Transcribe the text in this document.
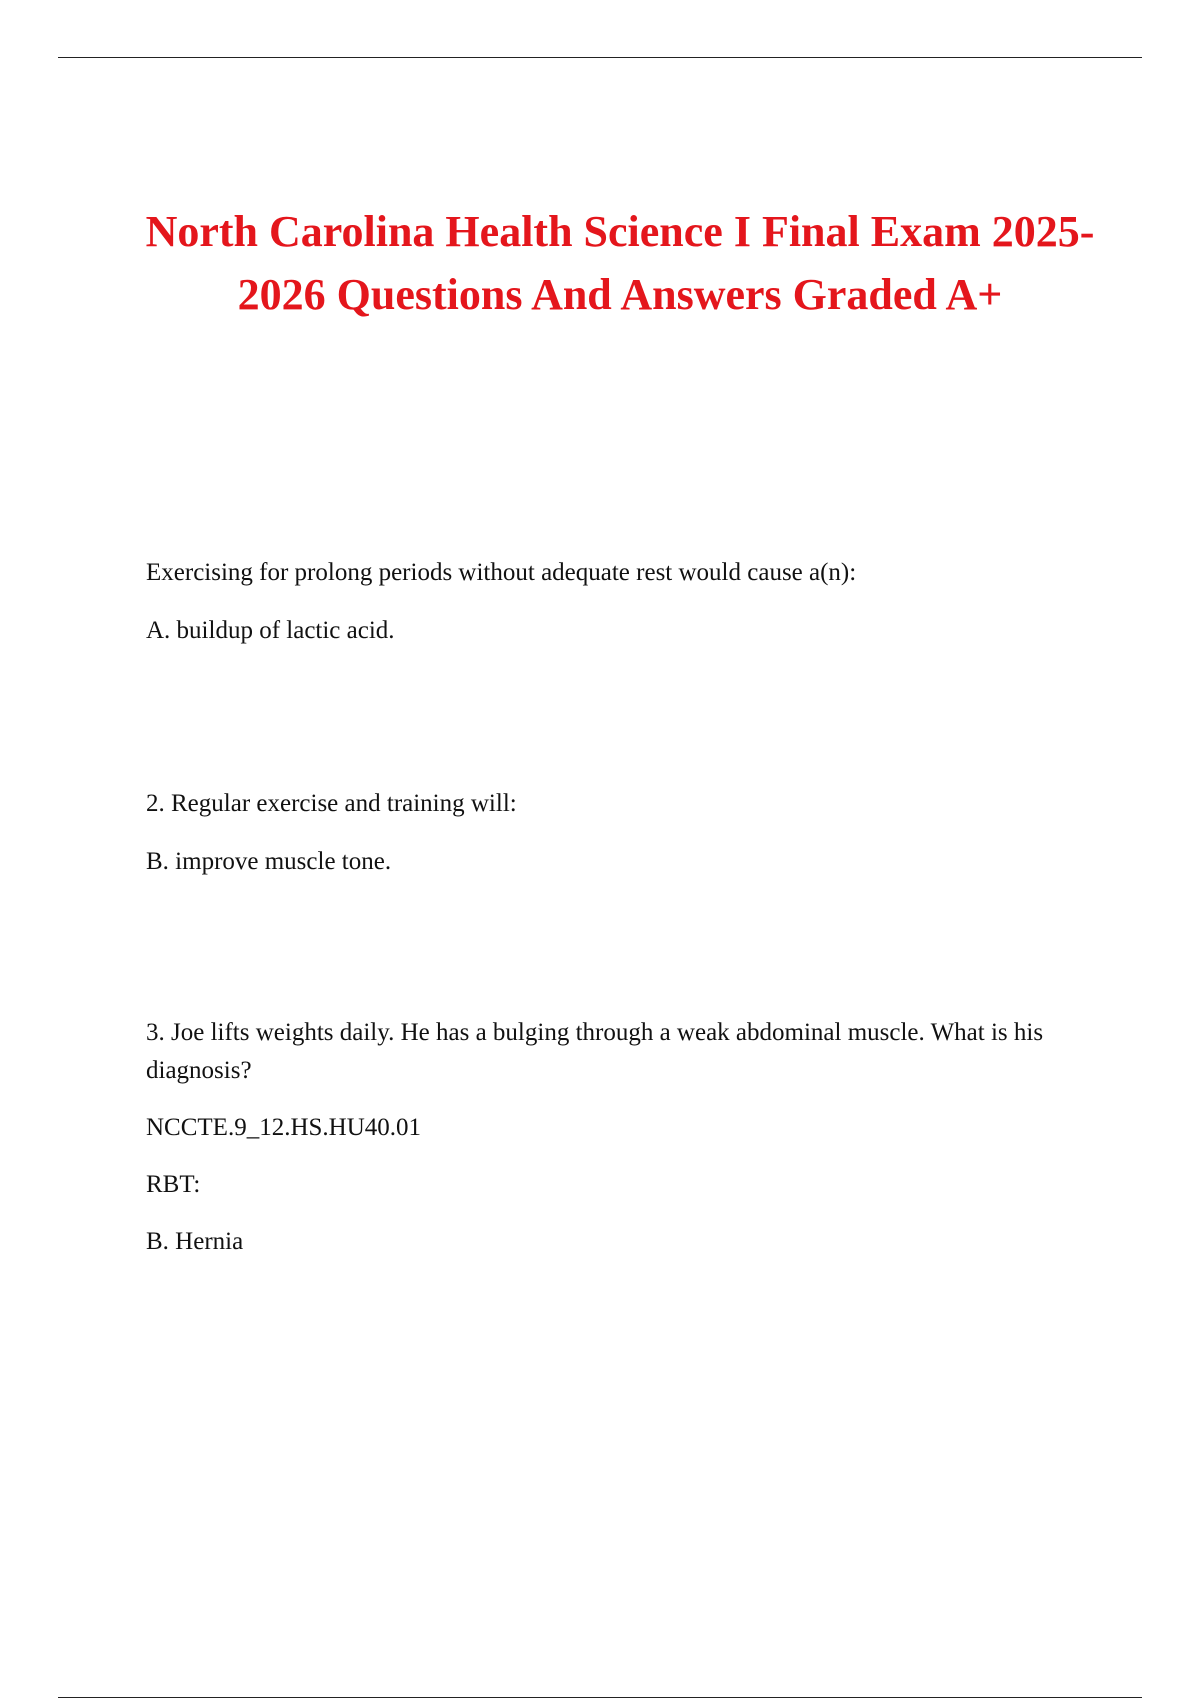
North Carolina Health Science I Final Exam 2025-2026 Questions And Answers Graded A+

Exercising for prolong periods without adequate rest would cause a(n):

A. buildup of lactic acid.

2. Regular exercise and training will:

B. improve muscle tone.

3. Joe lifts weights daily. He has a bulging through a weak abdominal muscle. What is his diagnosis?

NCCTE.9_12.HS.HU40.01

RBT:

B. Hernia
